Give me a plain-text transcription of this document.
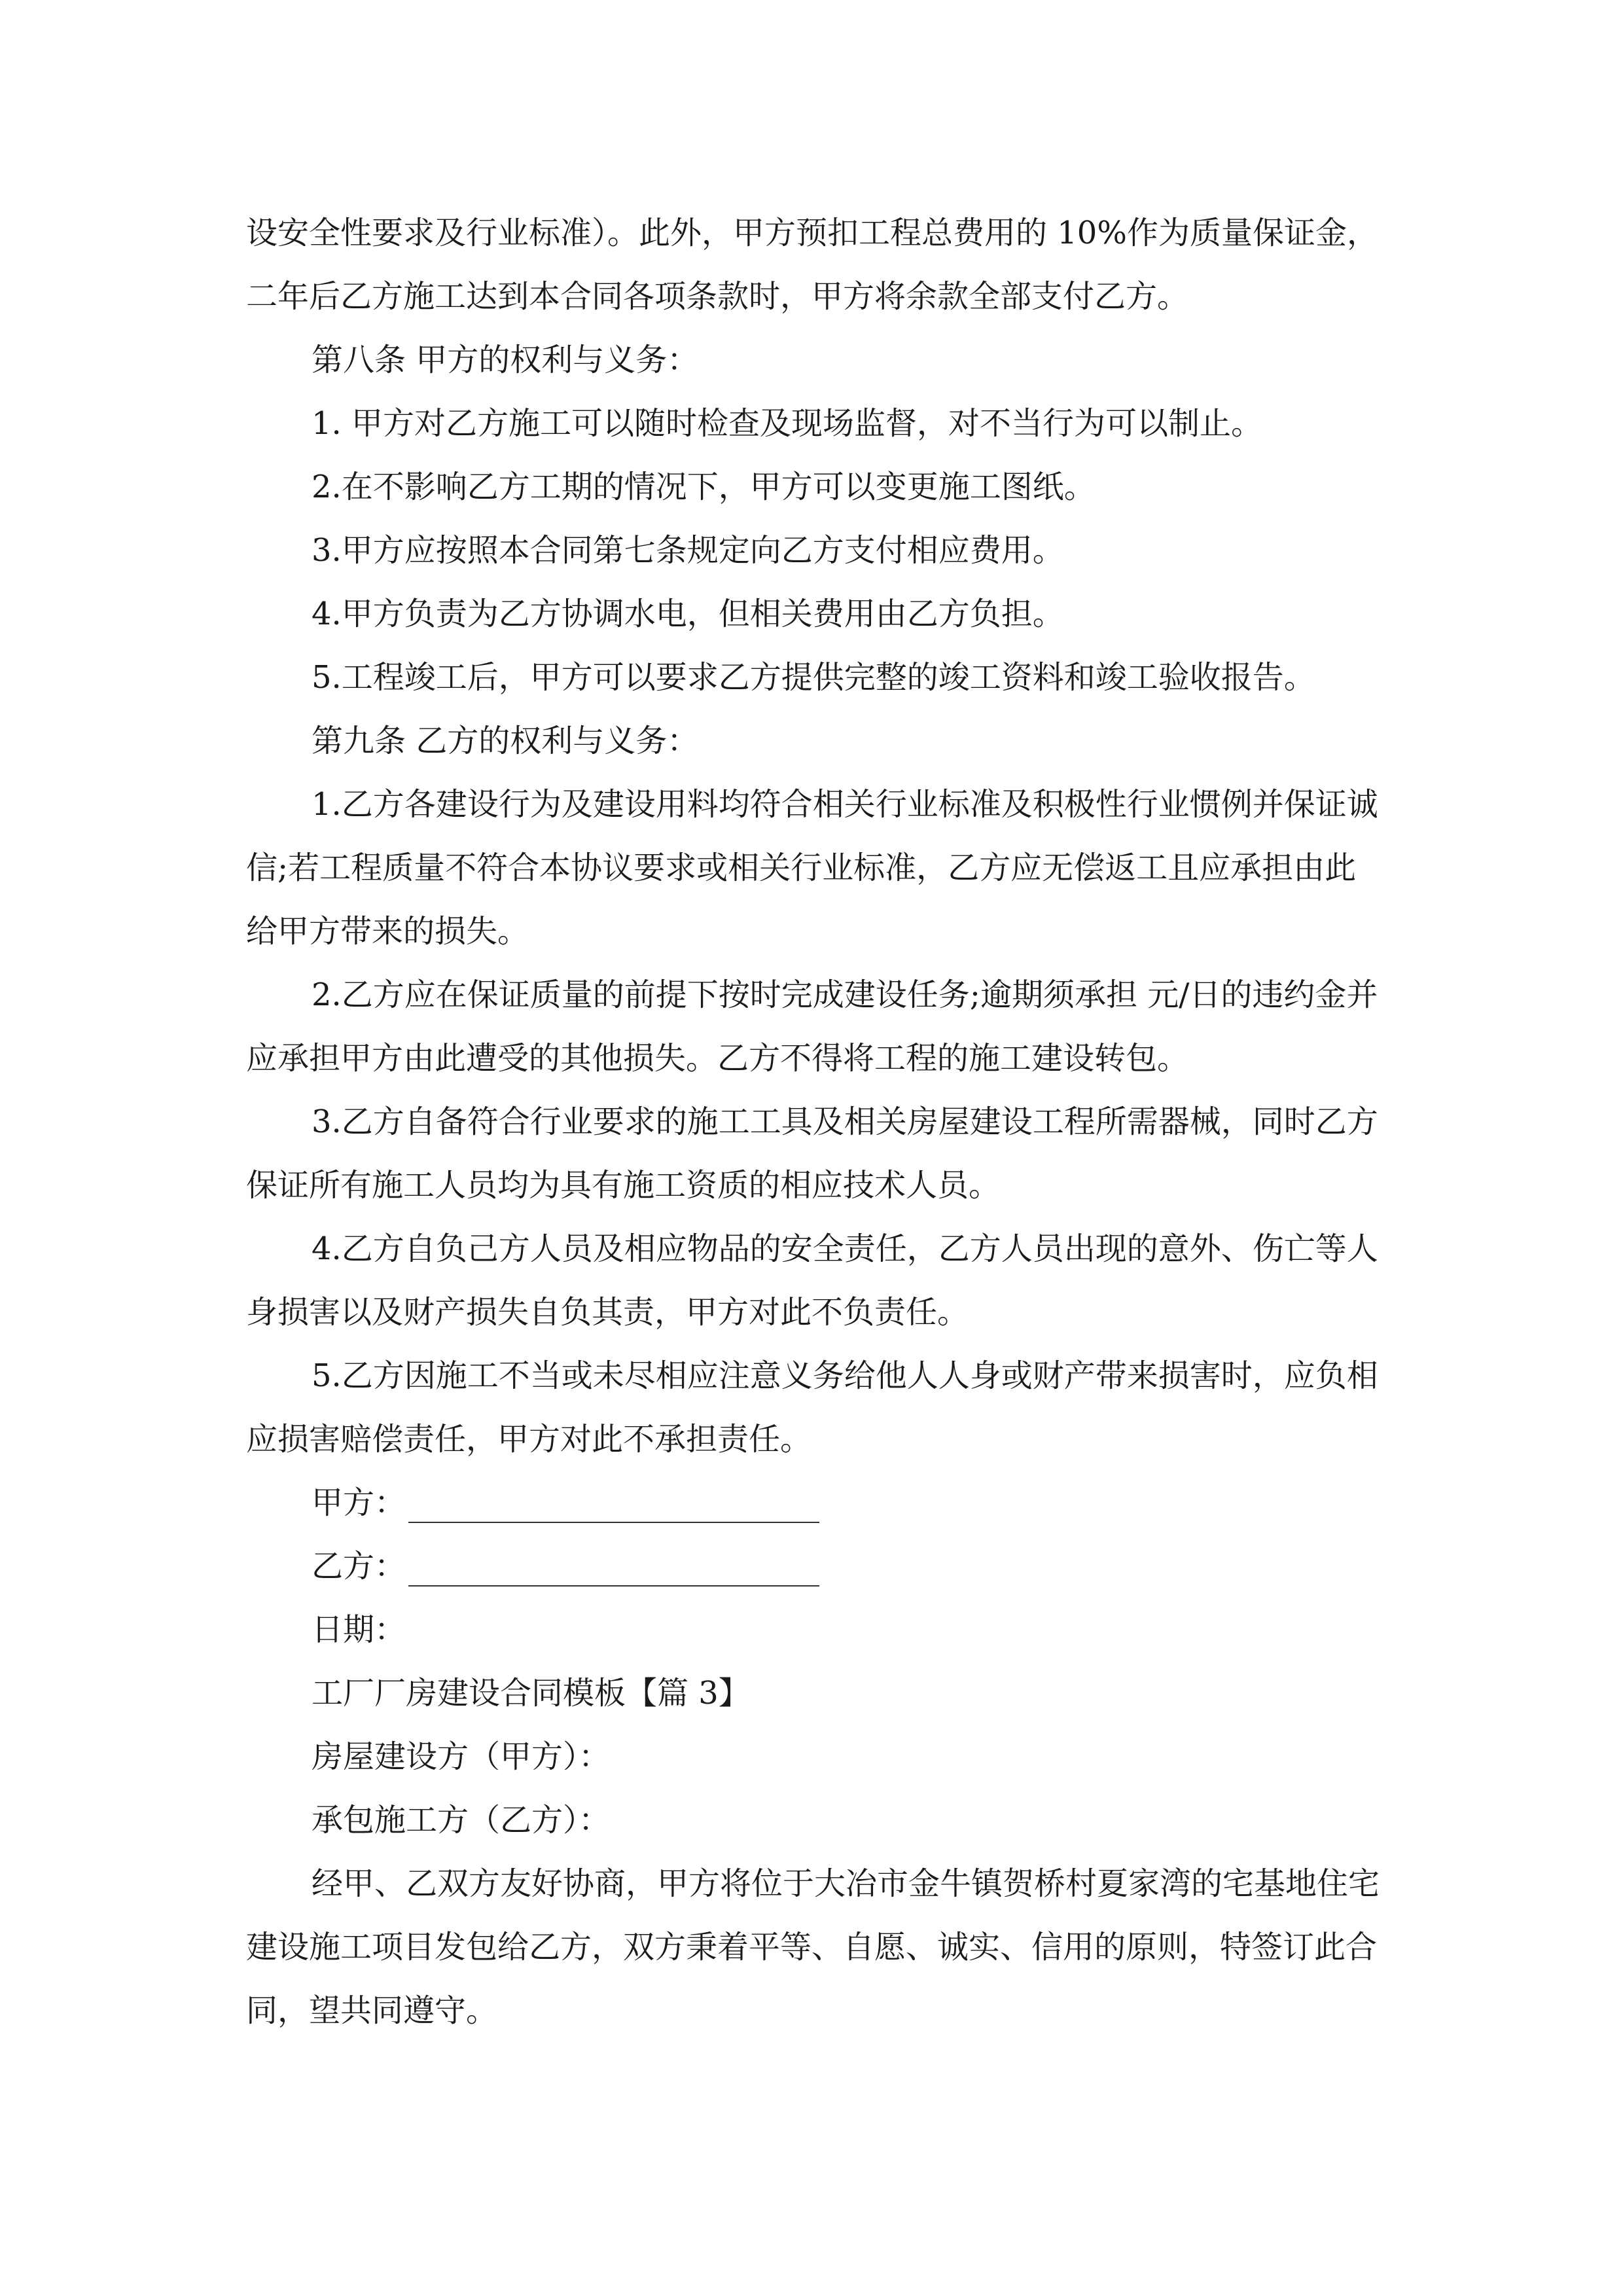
设安全性要求及行业标准）。此外，甲方预扣工程总费用的 10%作为质量保证金，

二年后乙方施工达到本合同各项条款时，甲方将余款全部支付乙方。

第八条 甲方的权利与义务：

1. 甲方对乙方施工可以随时检查及现场监督，对不当行为可以制止。

2.在不影响乙方工期的情况下，甲方可以变更施工图纸。

3.甲方应按照本合同第七条规定向乙方支付相应费用。

4.甲方负责为乙方协调水电，但相关费用由乙方负担。

5.工程竣工后，甲方可以要求乙方提供完整的竣工资料和竣工验收报告。

第九条 乙方的权利与义务：

1.乙方各建设行为及建设用料均符合相关行业标准及积极性行业惯例并保证诚信;若工程质量不符合本协议要求或相关行业标准，乙方应无偿返工且应承担由此给甲方带来的损失。

2.乙方应在保证质量的前提下按时完成建设任务;逾期须承担 元/日的违约金并应承担甲方由此遭受的其他损失。乙方不得将工程的施工建设转包。

3.乙方自备符合行业要求的施工工具及相关房屋建设工程所需器械，同时乙方保证所有施工人员均为具有施工资质的相应技术人员。

4.乙方自负己方人员及相应物品的安全责任，乙方人员出现的意外、伤亡等人身损害以及财产损失自负其责，甲方对此不负责任。

5.乙方因施工不当或未尽相应注意义务给他人人身或财产带来损害时，应负相应损害赔偿责任，甲方对此不承担责任。

甲方：
乙方：

日期：

工厂厂房建设合同模板【篇 3】

房屋建设方（甲方）：

承包施工方（乙方）：

经甲、乙双方友好协商，甲方将位于大冶市金牛镇贺桥村夏家湾的宅基地住宅建设施工项目发包给乙方，双方秉着平等、自愿、诚实、信用的原则，特签订此合同，望共同遵守。
